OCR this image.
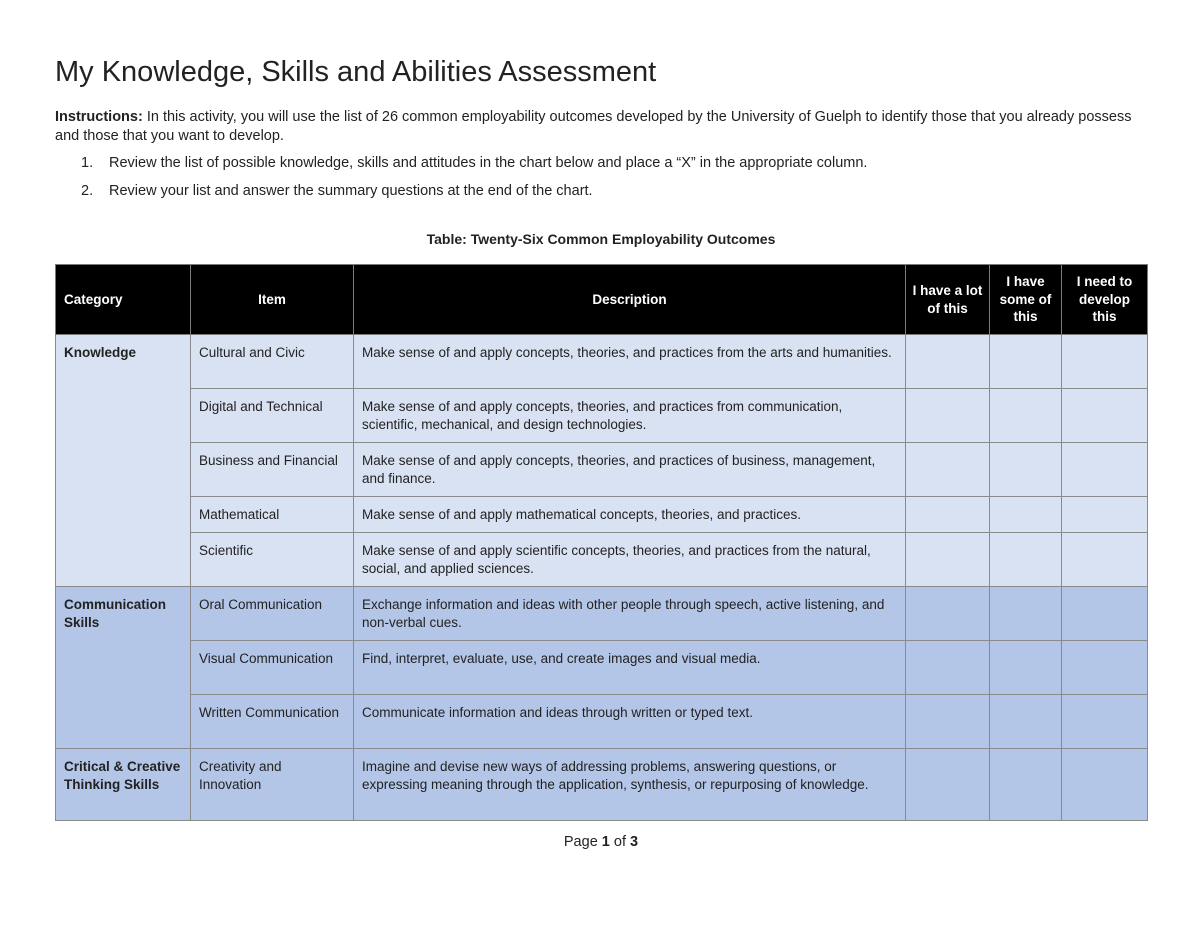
My Knowledge, Skills and Abilities Assessment
Instructions: In this activity, you will use the list of 26 common employability outcomes developed by the University of Guelph to identify those that you already possess and those that you want to develop.
1. Review the list of possible knowledge, skills and attitudes in the chart below and place a “X” in the appropriate column.
2. Review your list and answer the summary questions at the end of the chart.
Table: Twenty-Six Common Employability Outcomes
Category	Item	Description	I have a lot of this	I have some of this	I need to develop this
Knowledge	Cultural and Civic	Make sense of and apply concepts, theories, and practices from the arts and humanities.			
	Digital and Technical	Make sense of and apply concepts, theories, and practices from communication, scientific, mechanical, and design technologies.			
	Business and Financial	Make sense of and apply concepts, theories, and practices of business, management, and finance.			
	Mathematical	Make sense of and apply mathematical concepts, theories, and practices.			
	Scientific	Make sense of and apply scientific concepts, theories, and practices from the natural, social, and applied sciences.			
Communication Skills	Oral Communication	Exchange information and ideas with other people through speech, active listening, and non-verbal cues.			
	Visual Communication	Find, interpret, evaluate, use, and create images and visual media.			
	Written Communication	Communicate information and ideas through written or typed text.			
Critical & Creative Thinking Skills	Creativity and Innovation	Imagine and devise new ways of addressing problems, answering questions, or expressing meaning through the application, synthesis, or repurposing of knowledge.			
Page 1 of 3
